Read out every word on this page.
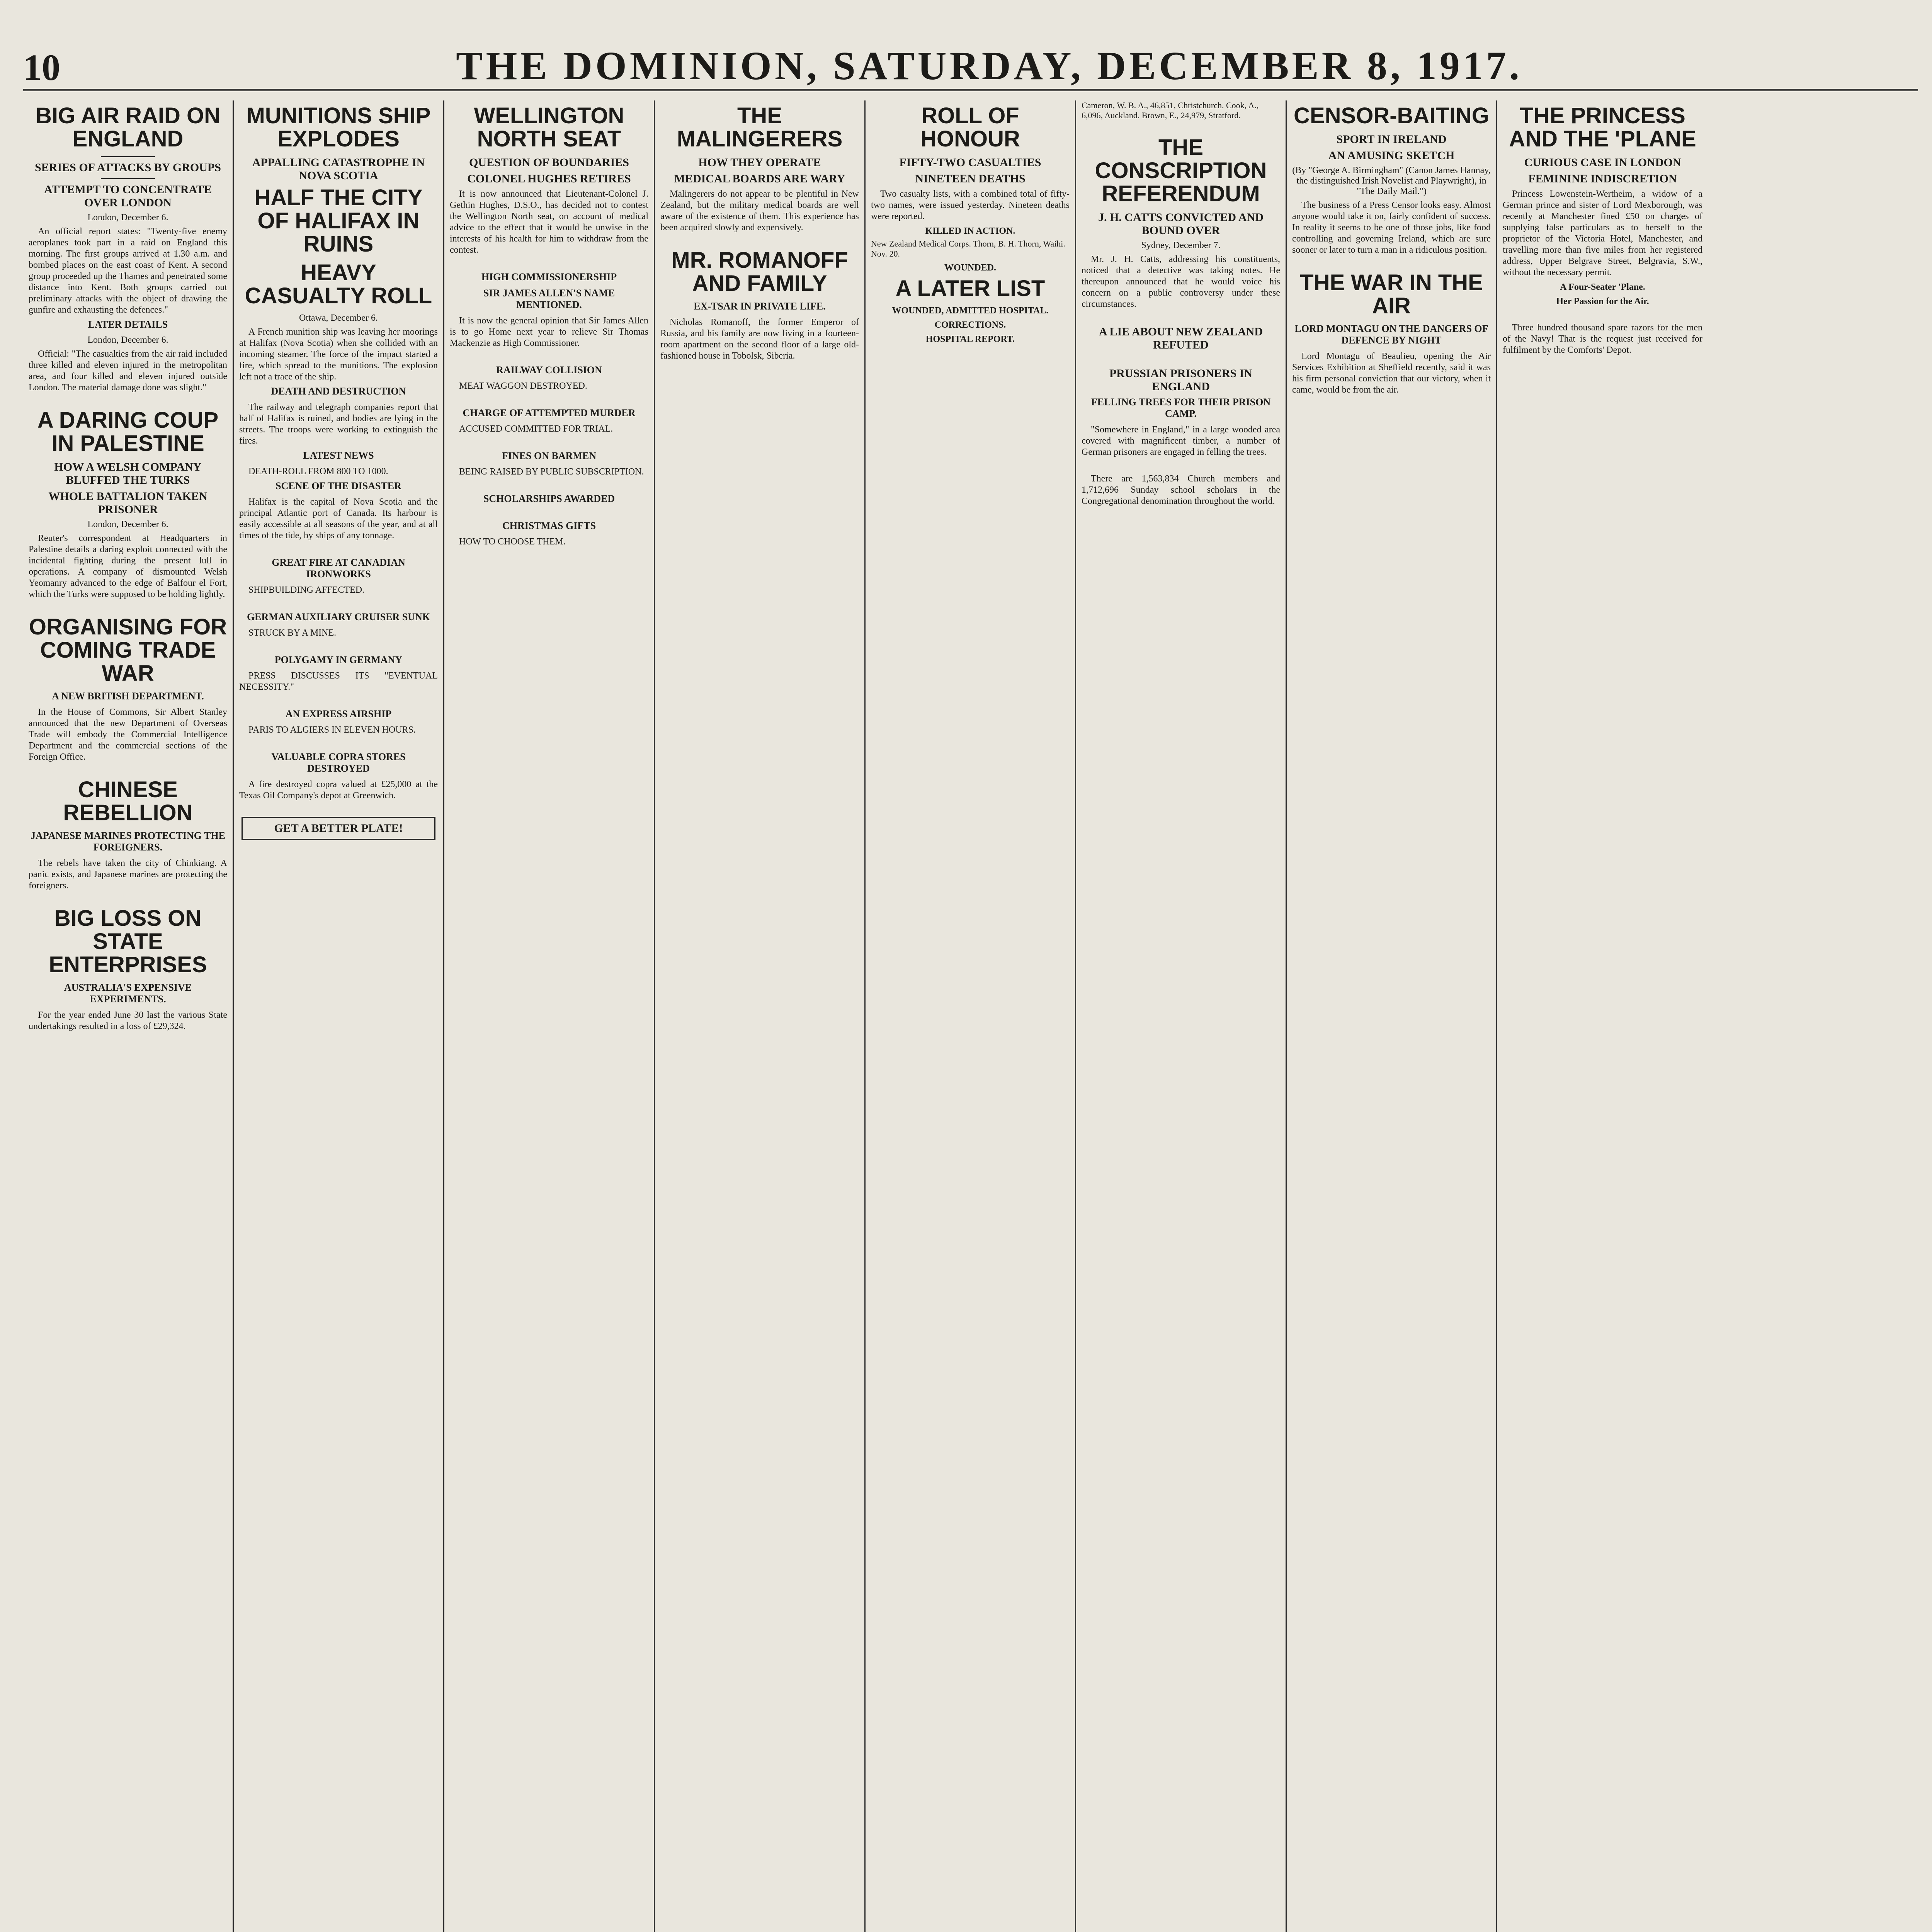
10	THE DOMINION, SATURDAY, DECEMBER 8, 1917.
BIG AIR RAID ON ENGLAND
SERIES OF ATTACKS BY GROUPS
ATTEMPT TO CONCENTRATE OVER LONDON
London, December 6.

An official report states: "Twenty-five enemy aeroplanes took part in a raid on England this morning. The first groups arrived at 1.30 a.m. and bombed places on the east coast of Kent. A second group proceeded up the Thames and penetrated some distance into Kent. Both groups carried out preliminary attacks with the object of drawing the gunfire and exhausting the defences."

LATER DETAILS
London, December 6.

Official: "The casualties from the air raid included three killed and eleven injured in the metropolitan area, and four killed and eleven injured outside London. The material damage done was slight."

A DARING COUP IN PALESTINE
HOW A WELSH COMPANY BLUFFED THE TURKS
WHOLE BATTALION TAKEN PRISONER
London, December 6.

Reuter's correspondent at Headquarters in Palestine details a daring exploit connected with the incidental fighting during the present lull in operations. A company of dismounted Welsh Yeomanry advanced to the edge of Balfour el Fort, which the Turks were supposed to be holding lightly.

ORGANISING FOR COMING TRADE WAR
A NEW BRITISH DEPARTMENT.

In the House of Commons, Sir Albert Stanley announced that the new Department of Overseas Trade will embody the Commercial Intelligence Department and the commercial sections of the Foreign Office.

CHINESE REBELLION
JAPANESE MARINES PROTECTING THE FOREIGNERS.

The rebels have taken the city of Chinkiang. A panic exists, and Japanese marines are protecting the foreigners.

BIG LOSS ON STATE ENTERPRISES
AUSTRALIA'S EXPENSIVE EXPERIMENTS.

For the year ended June 30 last the various State undertakings resulted in a loss of £29,324.

MUNITIONS SHIP EXPLODES
APPALLING CATASTROPHE IN NOVA SCOTIA
HALF THE CITY OF HALIFAX IN RUINS
HEAVY CASUALTY ROLL
Ottawa, December 6.

A French munition ship was leaving her moorings at Halifax (Nova Scotia) when she collided with an incoming steamer. The force of the impact started a fire, which spread to the munitions. The explosion left not a trace of the ship.

DEATH AND DESTRUCTION

The railway and telegraph companies report that half of Halifax is ruined, and bodies are lying in the streets. The troops were working to extinguish the fires.

LATEST NEWS

DEATH-ROLL FROM 800 TO 1000.

SCENE OF THE DISASTER

Halifax is the capital of Nova Scotia and the principal Atlantic port of Canada. Its harbour is easily accessible at all seasons of the year, and at all times of the tide, by ships of any tonnage.

GREAT FIRE AT CANADIAN IRONWORKS

SHIPBUILDING AFFECTED.

GERMAN AUXILIARY CRUISER SUNK

STRUCK BY A MINE.

POLYGAMY IN GERMANY

PRESS DISCUSSES ITS "EVENTUAL NECESSITY."

AN EXPRESS AIRSHIP

PARIS TO ALGIERS IN ELEVEN HOURS.

VALUABLE COPRA STORES DESTROYED

A fire destroyed copra valued at £25,000 at the Texas Oil Company's depot at Greenwich.

GET A BETTER PLATE!
WELLINGTON NORTH SEAT
QUESTION OF BOUNDARIES
COLONEL HUGHES RETIRES

It is now announced that Lieutenant-Colonel J. Gethin Hughes, D.S.O., has decided not to contest the Wellington North seat, on account of medical advice to the effect that it would be unwise in the interests of his health for him to withdraw from the contest.

HIGH COMMISSIONERSHIP
SIR JAMES ALLEN'S NAME MENTIONED.

It is now the general opinion that Sir James Allen is to go Home next year to relieve Sir Thomas Mackenzie as High Commissioner.

RAILWAY COLLISION

MEAT WAGGON DESTROYED.

CHARGE OF ATTEMPTED MURDER

ACCUSED COMMITTED FOR TRIAL.

FINES ON BARMEN

BEING RAISED BY PUBLIC SUBSCRIPTION.

SCHOLARSHIPS AWARDED
CHRISTMAS GIFTS

HOW TO CHOOSE THEM.

THE MALINGERERS
HOW THEY OPERATE
MEDICAL BOARDS ARE WARY

Malingerers do not appear to be plentiful in New Zealand, but the military medical boards are well aware of the existence of them. This experience has been acquired slowly and expensively.

MR. ROMANOFF AND FAMILY
EX-TSAR IN PRIVATE LIFE.

Nicholas Romanoff, the former Emperor of Russia, and his family are now living in a fourteen-room apartment on the second floor of a large old-fashioned house in Tobolsk, Siberia.

ROLL OF HONOUR
FIFTY-TWO CASUALTIES
NINETEEN DEATHS

Two casualty lists, with a combined total of fifty-two names, were issued yesterday. Nineteen deaths were reported.

KILLED IN ACTION.

New Zealand Medical Corps. Thorn, B. H. Thorn, Waihi. Nov. 20.

WOUNDED.
A LATER LIST
WOUNDED, ADMITTED HOSPITAL.
CORRECTIONS.
HOSPITAL REPORT.

Cameron, W. B. A., 46,851, Christchurch. Cook, A., 6,096, Auckland. Brown, E., 24,979, Stratford.

THE CONSCRIPTION REFERENDUM
J. H. CATTS CONVICTED AND BOUND OVER
Sydney, December 7.

Mr. J. H. Catts, addressing his constituents, noticed that a detective was taking notes. He thereupon announced that he would voice his concern on a public controversy under these circumstances.

A LIE ABOUT NEW ZEALAND REFUTED
PRUSSIAN PRISONERS IN ENGLAND
FELLING TREES FOR THEIR PRISON CAMP.

"Somewhere in England," in a large wooded area covered with magnificent timber, a number of German prisoners are engaged in felling the trees.

There are 1,563,834 Church members and 1,712,696 Sunday school scholars in the Congregational denomination throughout the world.

CENSOR-BAITING
SPORT IN IRELAND
AN AMUSING SKETCH
(By "George A. Birmingham" (Canon James Hannay, the distinguished Irish Novelist and Playwright), in "The Daily Mail.")

The business of a Press Censor looks easy. Almost anyone would take it on, fairly confident of success. In reality it seems to be one of those jobs, like food controlling and governing Ireland, which are sure sooner or later to turn a man in a ridiculous position.

THE WAR IN THE AIR
LORD MONTAGU ON THE DANGERS OF DEFENCE BY NIGHT

Lord Montagu of Beaulieu, opening the Air Services Exhibition at Sheffield recently, said it was his firm personal conviction that our victory, when it came, would be from the air.

THE PRINCESS AND THE 'PLANE
CURIOUS CASE IN LONDON
FEMININE INDISCRETION

Princess Lowenstein-Wertheim, a widow of a German prince and sister of Lord Mexborough, was recently at Manchester fined £50 on charges of supplying false particulars as to herself to the proprietor of the Victoria Hotel, Manchester, and travelling more than five miles from her registered address, Upper Belgrave Street, Belgravia, S.W., without the necessary permit.

A Four-Seater 'Plane.
Her Passion for the Air.

Three hundred thousand spare razors for the men of the Navy! That is the request just received for fulfilment by the Comforts' Depot.
